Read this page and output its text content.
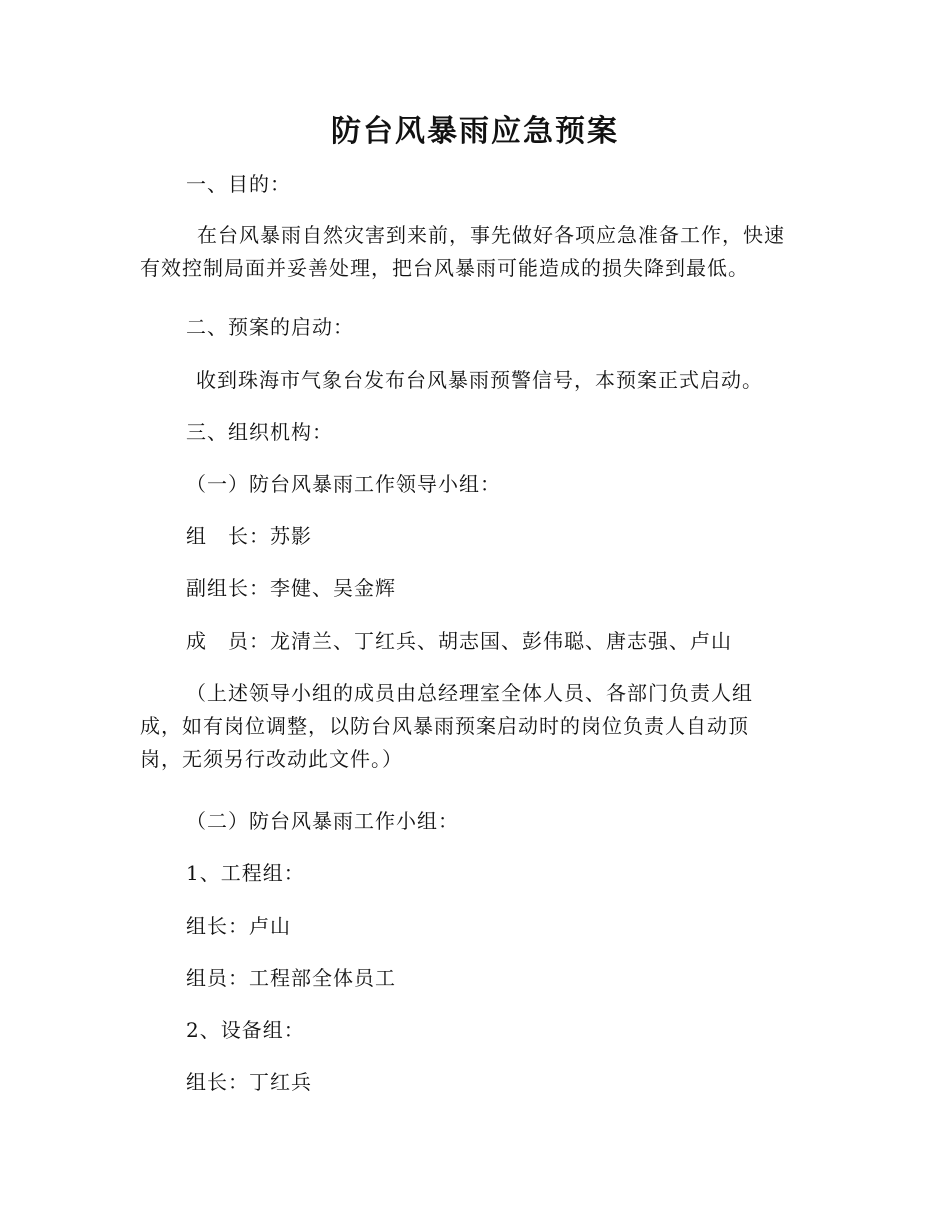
防台风暴雨应急预案
一、目的：
在台风暴雨自然灾害到来前，事先做好各项应急准备工作，快速
有效控制局面并妥善处理，把台风暴雨可能造成的损失降到最低。
二、预案的启动：
收到珠海市气象台发布台风暴雨预警信号，本预案正式启动。
三、组织机构：
（一）防台风暴雨工作领导小组：
组　长：苏影
副组长：李健、吴金辉
成　员：龙清兰、丁红兵、胡志国、彭伟聪、唐志强、卢山
（上述领导小组的成员由总经理室全体人员、各部门负责人组
成，如有岗位调整，以防台风暴雨预案启动时的岗位负责人自动顶
岗，无须另行改动此文件。）
（二）防台风暴雨工作小组：
1、工程组：
组长：卢山
组员：工程部全体员工
2、设备组：
组长：丁红兵
